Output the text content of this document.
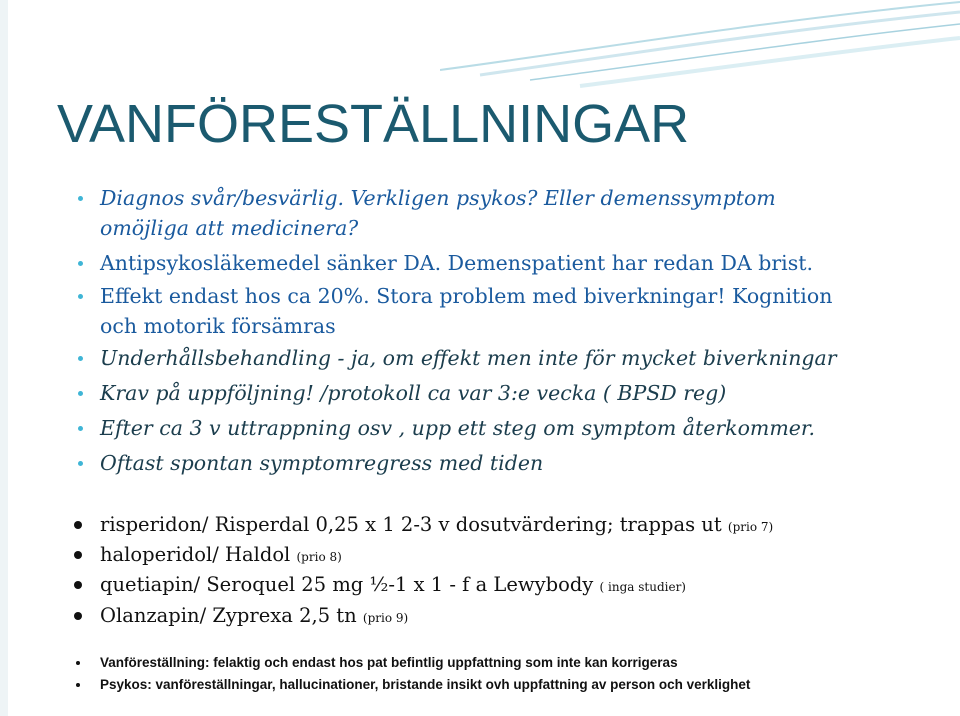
VANFÖRESTÄLLNINGAR
Diagnos svår/besvärlig. Verkligen psykos? Eller demenssymptom
omöjliga att medicinera?
Antipsykosläkemedel sänker DA. Demenspatient har redan DA brist.
Effekt endast hos ca 20%. Stora problem med biverkningar! Kognition
och motorik försämras
Underhållsbehandling - ja, om effekt men inte för mycket biverkningar
Krav på uppföljning! /protokoll ca var 3:e vecka ( BPSD reg)
Efter ca 3 v uttrappning osv , upp ett steg om symptom återkommer.
Oftast spontan symptomregress med tiden
risperidon/ Risperdal 0,25 x 1 2-3 v dosutvärdering; trappas ut (prio 7)
haloperidol/ Haldol (prio 8)
quetiapin/ Seroquel 25 mg ½-1 x 1 - f a Lewybody ( inga studier)
Olanzapin/ Zyprexa 2,5 tn (prio 9)
Vanföreställning: felaktig och endast hos pat befintlig uppfattning som inte kan korrigeras
Psykos: vanföreställningar, hallucinationer, bristande insikt ovh uppfattning av person och verklighet
